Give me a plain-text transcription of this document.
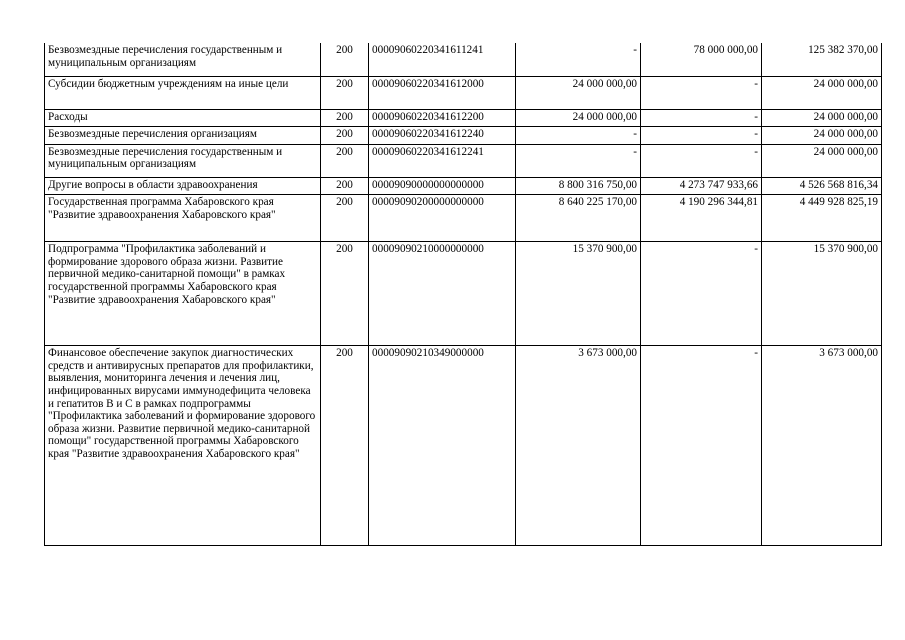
Безвозмездные перечисления государственным и муниципальным организациям	200	00009060220341611241	-	78 000 000,00	125 382 370,00
Субсидии бюджетным учреждениям на иные цели	200	00009060220341612000	24 000 000,00	-	24 000 000,00
Расходы	200	00009060220341612200	24 000 000,00	-	24 000 000,00
Безвозмездные перечисления организациям	200	00009060220341612240	-	-	24 000 000,00
Безвозмездные перечисления государственным и муниципальным организациям	200	00009060220341612241	-	-	24 000 000,00
Другие вопросы в области здравоохранения	200	00009090000000000000	8 800 316 750,00	4 273 747 933,66	4 526 568 816,34
Государственная программа Хабаровского края "Развитие здравоохранения Хабаровского края"	200	00009090200000000000	8 640 225 170,00	4 190 296 344,81	4 449 928 825,19
Подпрограмма "Профилактика заболеваний и формирование здорового образа жизни. Развитие первичной медико-санитарной помощи" в рамках государственной программы Хабаровского края "Развитие здравоохранения Хабаровского края"	200	00009090210000000000	15 370 900,00	-	15 370 900,00
Финансовое обеспечение закупок диагностических средств и антивирусных препаратов для профилактики, выявления, мониторинга лечения и лечения лиц, инфицированных вирусами иммунодефицита человека и гепатитов В и С в рамках подпрограммы "Профилактика заболеваний и формирование здорового образа жизни. Развитие первичной медико-санитарной помощи" государственной программы Хабаровского края "Развитие здравоохранения Хабаровского края"	200	00009090210349000000	3 673 000,00	-	3 673 000,00
